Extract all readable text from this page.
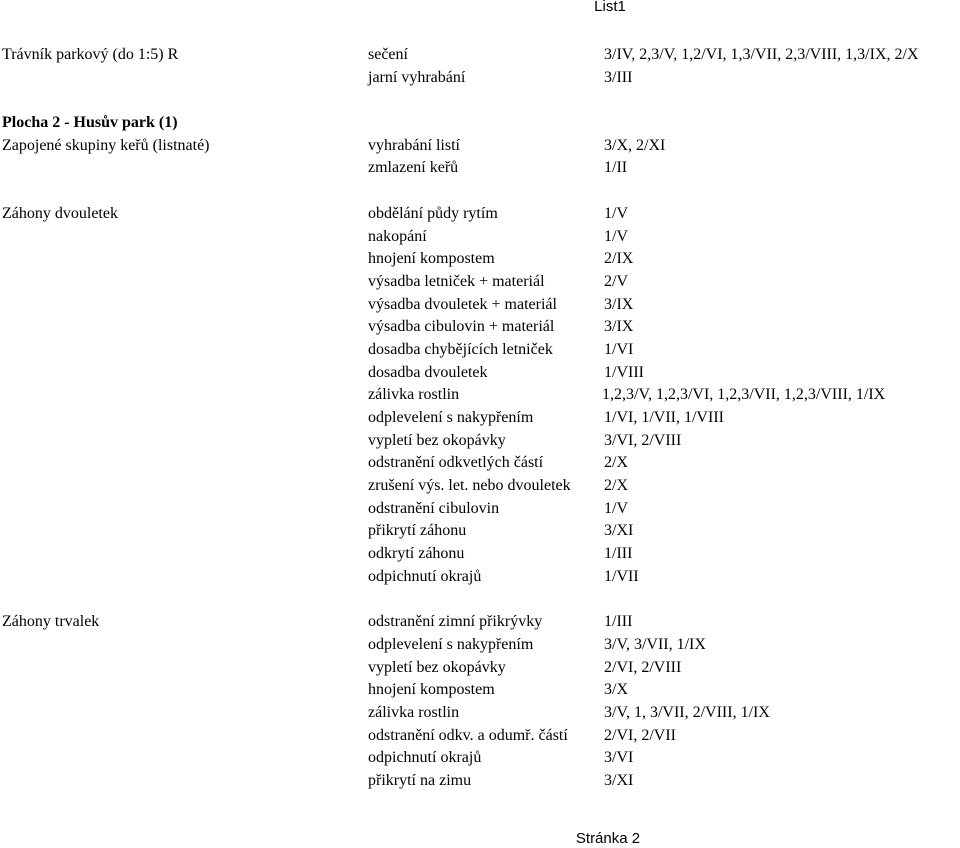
List1
Trávník parkový (do 1:5) R	sečení	3/IV, 2,3/V, 1,2/VI, 1,3/VII, 2,3/VIII, 1,3/IX, 2/X
jarní vyhrabání	3/III
Plocha 2 - Husův park (1)
Zapojené skupiny keřů (listnaté)	vyhrabání listí	3/X, 2/XI
zmlazení keřů	1/II
Záhony dvouletek	obdělání půdy rytím	1/V
nakopání	1/V
hnojení kompostem	2/IX
výsadba letniček + materiál	2/V
výsadba dvouletek + materiál	3/IX
výsadba cibulovin + materiál	3/IX
dosadba chybějících letniček	1/VI
dosadba dvouletek	1/VIII
zálivka rostlin	1,2,3/V, 1,2,3/VI, 1,2,3/VII, 1,2,3/VIII, 1/IX
odplevelení s nakypřením	1/VI, 1/VII, 1/VIII
vypletí bez okopávky	3/VI, 2/VIII
odstranění odkvetlých částí	2/X
zrušení výs. let. nebo dvouletek 2/X
odstranění cibulovin	1/V
přikrytí záhonu	3/XI
odkrytí záhonu	1/III
odpichnutí okrajů	1/VII
Záhony trvalek	odstranění zimní přikrývky	1/III
odplevelení s nakypřením	3/V, 3/VII, 1/IX
vypletí bez okopávky	2/VI, 2/VIII
hnojení kompostem	3/X
zálivka rostlin	3/V, 1, 3/VII, 2/VIII, 1/IX
odstranění odkv. a odumř. částí 2/VI, 2/VII
odpichnutí okrajů	3/VI
přikrytí na zimu	3/XI
Stránka 2
